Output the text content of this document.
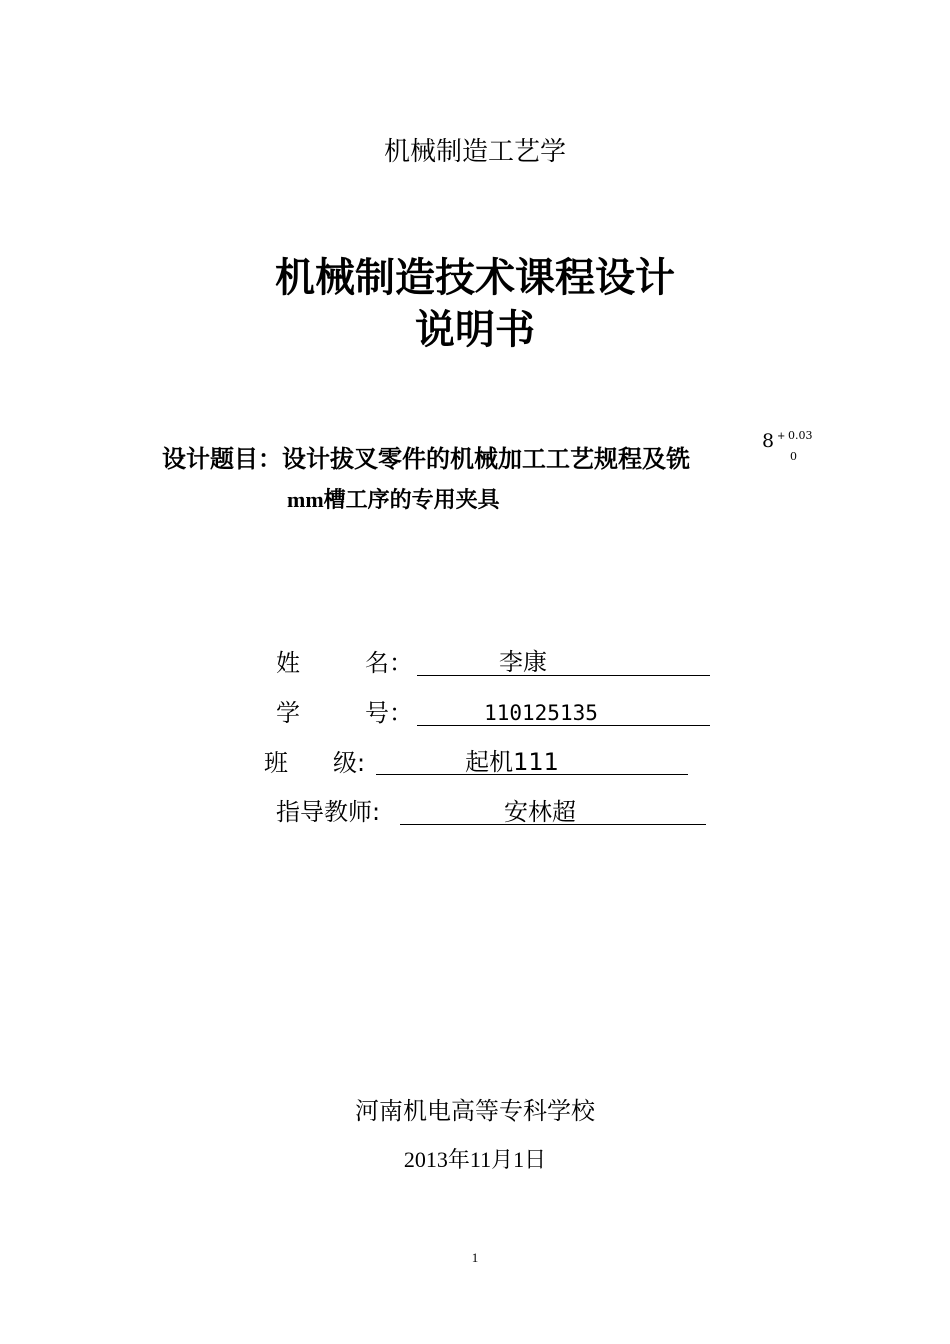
机械制造工艺学
机械制造技术课程设计
说明书
设计题目：设计拔叉零件的机械加工工艺规程及铣
8 + 0.03
0
mm槽工序的专用夹具
姓	名：	李康
学	号：	110125135
班 级:	起机111
指导教师:	安林超
河南机电高等专科学校
2013年11月1日
1
